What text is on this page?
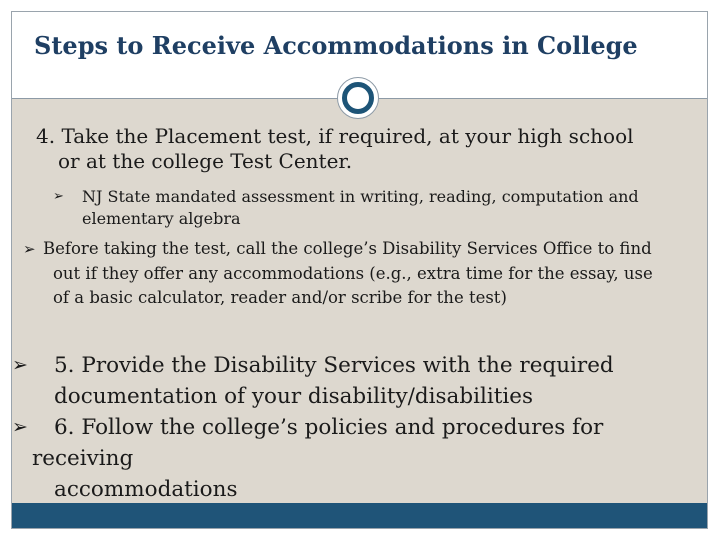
Steps to Receive Accommodations in College
4. Take the Placement test, if required, at your high school
or at the college Test Center.
➢ NJ State mandated assessment in writing, reading, computation and
elementary algebra
➢ Before taking the test, call the college’s Disability Services Office to find
out if they offer any accommodations (e.g., extra time for the essay, use
of a basic calculator, reader and/or scribe for the test)
➢	5. Provide the Disability Services with the required
documentation of your disability/disabilities
➢	6. Follow the college’s policies and procedures for receiving
accommodations
